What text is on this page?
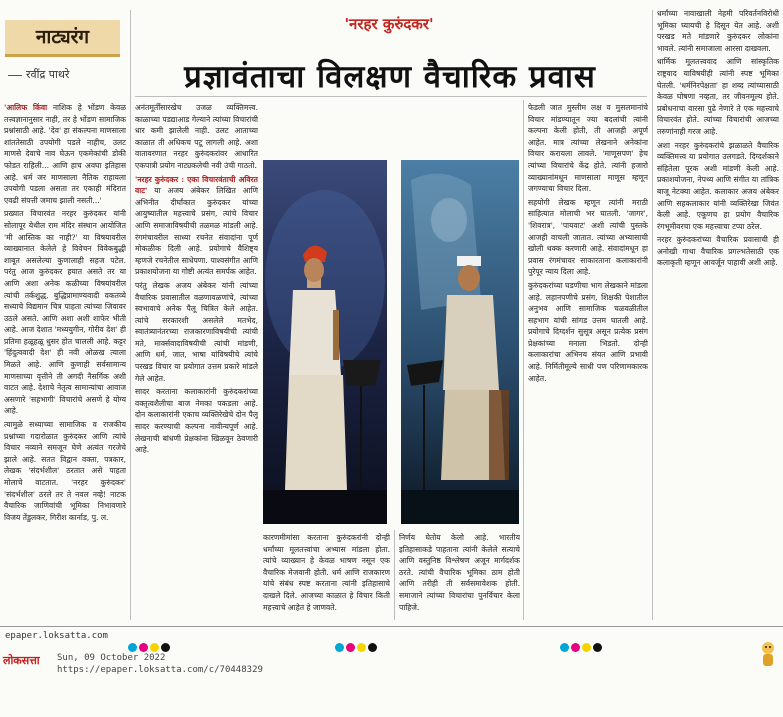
नाट्यरंग
रवींद्र पाथरे
'नरहर कुरुंदकर'
प्रज्ञावंताचा विलक्षण वैचारिक प्रवास

'आलिफ किंवा नाशिक हे भोंडण केवळ तत्त्वज्ञानानुसार नाही, तर हे भोंडण सामाजिक प्रश्नांसाठी आहे. 'देव' हा संकल्पना माणसाला शांततेसाठी उपयोगी पडले नाहीच, उलट माणसे देवाचे नाव घेऊन एकमेकांची डोकी फोडत राहिली... आणि हाच अवघा इतिहास आहे. धर्म जर माणसाला नैतिक राहायला उपयोगी पडला असता तर एकाही मंदिरात एवढी संपत्ती जमाच झाली नसती...'

प्रख्यात विचारवंत नरहर कुरुंदकर यांनी सोलापूर येथील राम मंदिर संस्थान आयोजित 'मी आस्तिक का नाही?' या विषयावरील व्याख्यानात केलेले हे विवेचन विवेकबुद्धी शाबूत असलेल्या कुणालाही सहज पटेल. परंतु आज कुरुंदकर हयात असते तर या आणि अशा अनेक कळीच्या विषयांवरील त्यांची तर्कशुद्ध, बुद्धिप्रामाण्यवादी वकतव्ये सध्याचे विद्यमान चित्र पाहता त्यांच्या जिवावर उठले असते. आणि अशा अशी शाफेर भीती आहे. आज देशात 'मध्ययुगीन, गोरीव देश' ही प्रतिमा हळूहळू धुसर होत चालली आहे. कट्टर 'हिंदुत्ववादी देश' ही नवी ओळख त्याला मिळते आहे. आणि कुणाही सर्वसामान्य माणसाच्या वृत्तीने ती अगदी नैसर्गिक अशी वाटत आहे. देशाचे नेतृत्व सामान्यांचा आवाज असणारे 'सहभागी' विचारांचे असणे हे योग्य आहे.

त्यामुळे सध्याच्या सामाजिक व राजकीय प्रश्नांच्या गदारोळात कुरुंदकर आणि त्यांचे विचार नव्याने समजून घेणे अत्यंत गरजेचे झाले आहे. सतत विद्वान वक्ता, पत्रकार, लेखक 'संदर्भशील' ठरतात असे पाहता मोलाचे वाटतात. 'नरहर कुरुंदकर' 'संदर्भशील' ठरले तर ते नवल नव्हे! नाटक वैचारिक जाणिवांची भूमिका निभावणारे विजय तेंडुलकर, गिरीश कार्नाड, पु. ल.

अनंतमूर्तींसारखेच उजळ व्यक्तिमत्त्व. काळाच्या पडद्याआड गेल्याने त्यांच्या विचारांची धार कमी झालेली नाही. उलट आताच्या काळात ती अधिकच पटू लागली आहे. अशा वातावरणात नरहर कुरुंदकरांवर आधारित एकपात्री प्रयोग नाट्यकलेची नवी उंची गाठतो.

'नरहर कुरुंदकर : एका विचारवंताची अविरत वाट' या अजय अंबेकर लिखित आणि अभिनीत दीर्घांकात कुरुंदकर यांच्या आयुष्यातील महत्त्वाचे प्रसंग, त्यांचे विचार आणि समाजाविषयीची तळमळ मांडली आहे. रंगमंचावरील साध्या रचनेत संवादांना पूर्ण मोकळीक दिली आहे. प्रयोगाचे वैशिष्ट्य म्हणजे रचनेतील साधेपणा. पाश्वसंगीत आणि प्रकाशयोजना या गोष्टी अत्यंत समर्पक आहेत.

परंतु लेखक अजय अंबेकर यांनी त्यांच्या वैचारिक प्रवासातील वळणावळणांचे, त्यांच्या स्वभावाचे अनेक पैलू चित्रित केले आहेत. त्यांचे सरकारशी असलेले मतभेद, स्वातंत्र्यानंतरच्या राजकारणाविषयीची त्यांची मते, मार्क्सवादाविषयीची त्यांची मांडणी, आणि धर्म, जात, भाषा यांविषयीचे त्यांचे परखड विचार या प्रयोगात उत्तम प्रकारे मांडले गेले आहेत.

सादर करताना कलाकारांनी कुरुंदकरांच्या वक्तृत्वशैलीचा बाज नेमका पकडला आहे. दोन कलाकारांनी एकाच व्यक्तिरेखेचे दोन पैलू सादर करण्याची कल्पना नावीन्यपूर्ण आहे. लेखनाची बांधणी प्रेक्षकांना खिळवून ठेवणारी आहे.

कारणमीमांसा करताना कुरुंदकरांनी दोन्ही धर्मांच्या मूलतत्त्वांचा अभ्यास मांडला होता. त्यांचे व्याख्यान हे केवळ भाषण नसून एक वैचारिक मेजवानी होती. धर्म आणि राजकारण यांचे संबंध स्पष्ट करताना त्यांनी इतिहासाचे दाखले दिले. आजच्या काळात हे विचार किती महत्त्वाचे आहेत हे जाणवते.

निर्णय घेतोय केलो आहे. भारतीय इतिहासाकडे पाहताना त्यांनी केलेले सत्याचे आणि वस्तुनिष्ठ विश्लेषण अजून मार्गदर्शक ठरते. त्यांची वैचारिक भूमिका ठाम होती आणि तरीही ती सर्वसमावेशक होती. समाजाने त्यांच्या विचारांचा पुनर्विचार केला पाहिजे.

फेडली जात मुस्लीम लक्ष व मुसलमानांचे विचार मांडण्यातून ज्या बदलांची त्यांनी कल्पना केली होती, ती आजही अपूर्ण आहेत. मात्र त्यांच्या लेखनाने अनेकांना विचार करायला लावले. 'माणूसपण' हेच त्यांच्या विचारांचे केंद्र होते. त्यांनी हजारो व्याख्यानांमधून माणसाला माणूस म्हणून जगण्याचा विचार दिला.

सहयोगी लेखक म्हणून त्यांनी मराठी साहित्यात मोलाची भर घातली. 'जागर', 'शिवरात्र', 'पायवाट' अशी त्यांची पुस्तके आजही वाचली जातात. त्यांच्या अभ्यासाची खोली थक्क करणारी आहे. संवादांमधून हा प्रवास रंगमंचावर साकारताना कलाकारांनी पुरेपूर न्याय दिला आहे.

कुरुंदकरांच्या घडणीचा भाग लेखकाने मांडला आहे. लहानपणीचे प्रसंग, शिक्षकी पेशातील अनुभव आणि सामाजिक चळवळीतील सहभाग यांची सांगड उत्तम घातली आहे. प्रयोगाचे दिग्दर्शन सुसूत्र असून प्रत्येक प्रसंग प्रेक्षकांच्या मनाला भिडतो. दोन्ही कलाकारांचा अभिनय संयत आणि प्रभावी आहे. निर्मितीमूल्ये साधी पण परिणामकारक आहेत.

धर्मांच्या नावाखाली नेहमी परिवर्तनविरोधी भूमिका घ्यायची हे दिसून येत आहे. अशी परखड मते मांडणारे कुरुंदकर लोकांना भावले. त्यांनी समाजाला आरसा दाखवला.

धार्मिक मूलतत्त्ववाद आणि सांस्कृतिक राष्ट्रवाद याविषयीही त्यांनी स्पष्ट भूमिका घेतली. 'धर्मनिरपेक्षता' हा शब्द त्यांच्यासाठी केवळ घोषणा नव्हता, तर जीवनमूल्य होते. प्रबोधनाचा वारसा पुढे नेणारे ते एक महत्त्वाचे विचारवंत होते. त्यांच्या विचारांची आजच्या तरुणांनाही गरज आहे.

अशा नरहर कुरुंदकरांचे झळाळते वैचारिक व्यक्तिमत्त्व या प्रयोगात उलगडते. दिग्दर्शकाने संहितेला पूरक अशी मांडणी केली आहे. प्रकाशयोजना, नेपथ्य आणि संगीत या तांत्रिक बाजू नेटक्या आहेत. कलाकार अजय अंबेकर आणि सहकलाकार यांनी व्यक्तिरेखा जिवंत केली आहे. एकूणच हा प्रयोग वैचारिक रंगभूमीवरचा एक महत्त्वाचा टप्पा ठरेल.

नरहर कुरुंदकरांच्या वैचारिक प्रवासाची ही अनोखी गाथा वैचारिक प्रगल्भतेसाठी एक कलाकृती म्हणून आवर्जून पाहावी अशी आहे.

epaper.loksatta.com
लोकसत्ता Sun, 09 October 2022
https://epaper.loksatta.com/c/70448329
